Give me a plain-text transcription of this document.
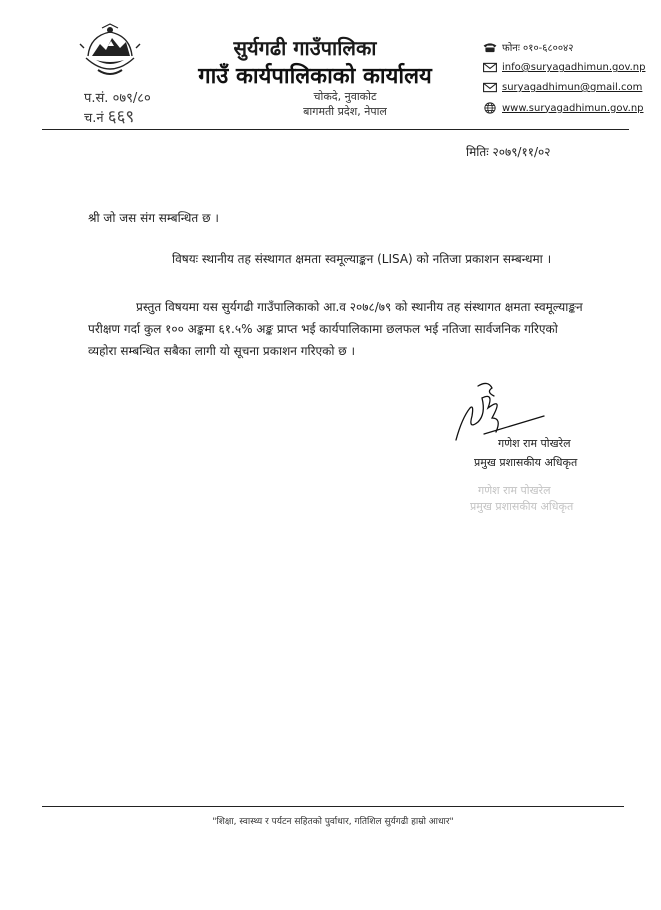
प.सं. ०७९/८०
च.नं ६६९
सुर्यगढी गाउँपालिका
गाउँ कार्यपालिकाको कार्यालय
चोकदे, नुवाकोट
बागमती प्रदेश, नेपाल
फोनः ०१०-६८००४२
info@suryagadhimun.gov.np
suryagadhimun@gmail.com
www.suryagadhimun.gov.np
मितिः २०७९/११/०२
श्री जो जस संग सम्बन्धित छ ।
विषयः स्थानीय तह संस्थागत क्षमता स्वमूल्याङ्कन (LISA) को नतिजा प्रकाशन सम्बन्धमा ।
प्रस्तुत विषयमा यस सुर्यगढी गाउँपालिकाको आ.व २०७८/७९ को स्थानीय तह संस्थागत क्षमता स्वमूल्याङ्कन
परीक्षण गर्दा कुल १०० अङ्कमा ६१.५% अङ्क प्राप्त भई कार्यपालिकामा छलफल भई नतिजा सार्वजनिक गरिएको
व्यहोरा सम्बन्धित सबैका लागी यो सूचना प्रकाशन गरिएको छ ।
गणेश राम पोखरेल
प्रमुख प्रशासकीय अधिकृत
गणेश राम पोखरेल
प्रमुख प्रशासकीय अधिकृत
"शिक्षा, स्वास्थ्य र पर्यटन सहितको पुर्वाधार, गतिशिल सुर्यगढी हाम्रो आधार"
